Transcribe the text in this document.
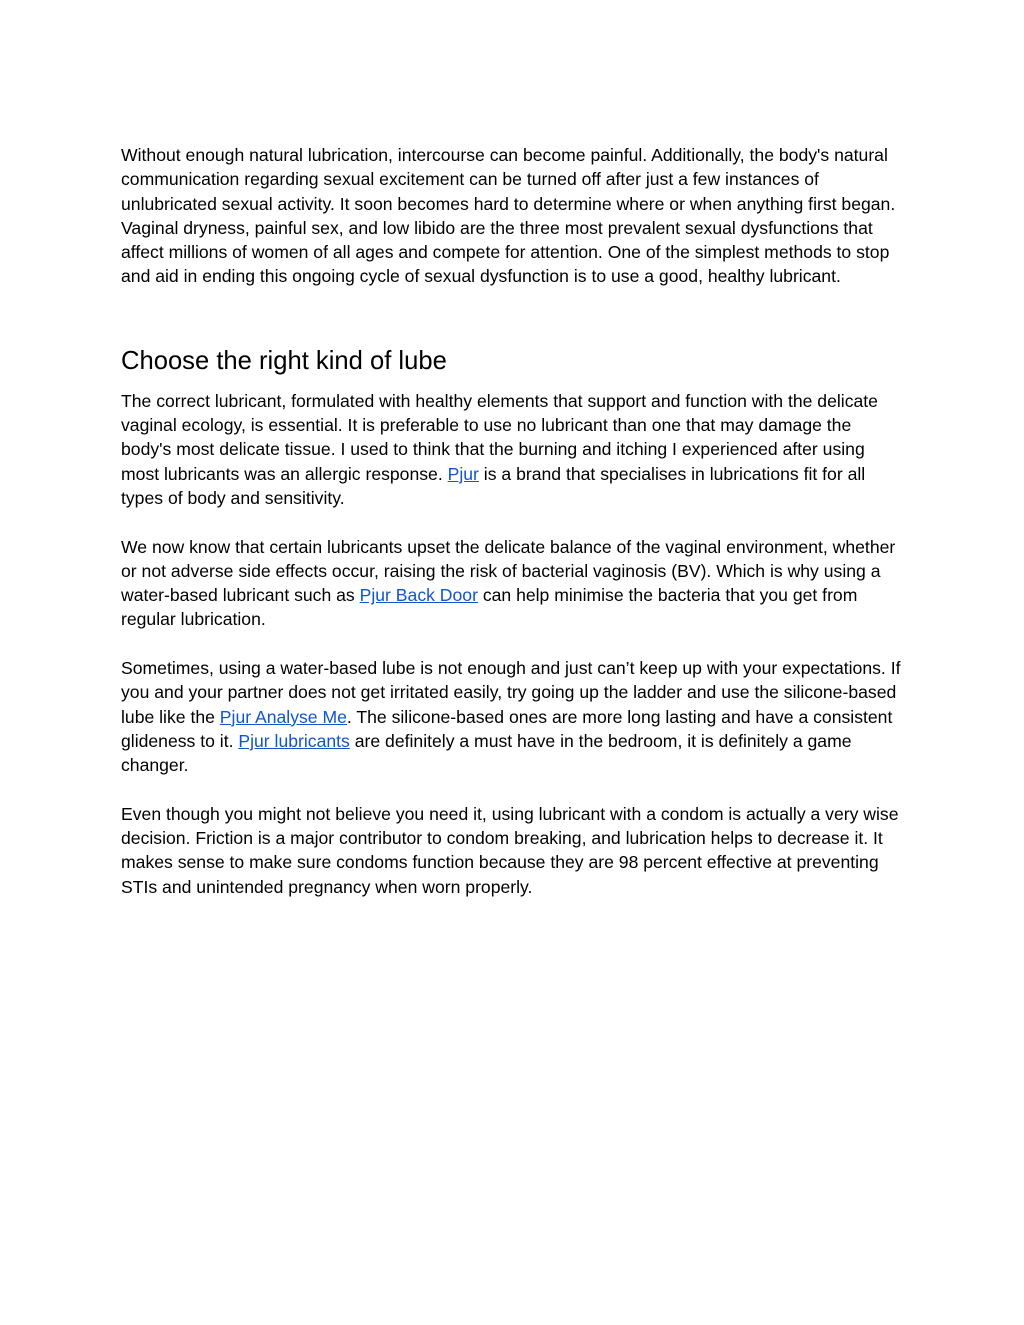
Without enough natural lubrication, intercourse can become painful. Additionally, the body's natural communication regarding sexual excitement can be turned off after just a few instances of unlubricated sexual activity. It soon becomes hard to determine where or when anything first began. Vaginal dryness, painful sex, and low libido are the three most prevalent sexual dysfunctions that affect millions of women of all ages and compete for attention. One of the simplest methods to stop and aid in ending this ongoing cycle of sexual dysfunction is to use a good, healthy lubricant.

Choose the right kind of lube

The correct lubricant, formulated with healthy elements that support and function with the delicate vaginal ecology, is essential. It is preferable to use no lubricant than one that may damage the body's most delicate tissue. I used to think that the burning and itching I experienced after using most lubricants was an allergic response. Pjur is a brand that specialises in lubrications fit for all types of body and sensitivity.

We now know that certain lubricants upset the delicate balance of the vaginal environment, whether or not adverse side effects occur, raising the risk of bacterial vaginosis (BV). Which is why using a water-based lubricant such as Pjur Back Door can help minimise the bacteria that you get from regular lubrication.

Sometimes, using a water-based lube is not enough and just can’t keep up with your expectations. If you and your partner does not get irritated easily, try going up the ladder and use the silicone-based lube like the Pjur Analyse Me. The silicone-based ones are more long lasting and have a consistent glideness to it. Pjur lubricants are definitely a must have in the bedroom, it is definitely a game changer.

Even though you might not believe you need it, using lubricant with a condom is actually a very wise decision. Friction is a major contributor to condom breaking, and lubrication helps to decrease it. It makes sense to make sure condoms function because they are 98 percent effective at preventing STIs and unintended pregnancy when worn properly.
